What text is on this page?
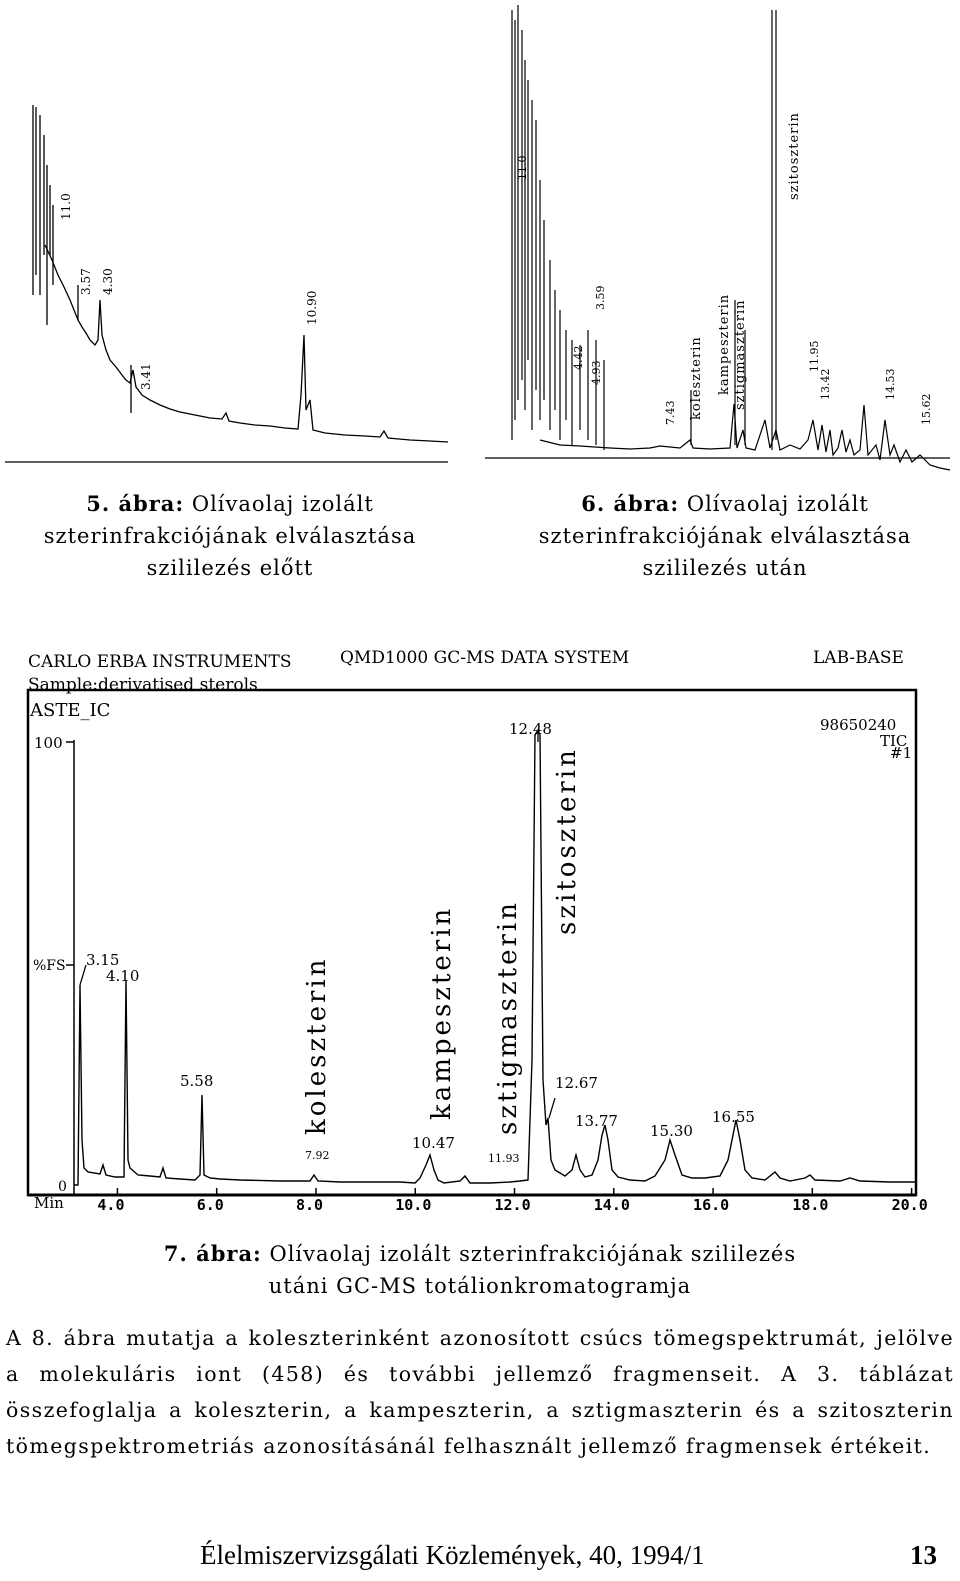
11.0
3.57 4.30
3.41
10.90
5. ábra: Olívaolaj izolált
szterinfrakciójának elválasztása
szililezés előtt
11.0
3.59
4.42
4.93
7.43
11.95
13.42	14.53
15.62
koleszterin kampeszterin sztigmaszterin
szitoszterin
6. ábra: Olívaolaj izolált
szterinfrakciójának elválasztása
szililezés után
CARLO ERBA INSTRUMENTS	QMD1000 GC-MS DATA SYSTEM	LAB-BASE
Sample:derivatised sterols
ASTE_IC
98650240
TIC
#1
100
%FS
0
Min 4.0	6.0	8.0	10.0	12.0	14.0	16.0	18.0	20.0
3.15
4.10
5.58
10.47
12.48
12.67
13.77
15.30
16.55
7.92	11.93
koleszterin	kampeszterin sztigmaszterin
szitoszterin
7. ábra: Olívaolaj izolált szterinfrakciójának szililezés
utáni GC-MS totálionkromatogramja
A 8. ábra mutatja a koleszterinként azonosított csúcs tömegspektrumát, jelölve a molekuláris iont (458) és további jellemző fragmenseit. A 3. táblázat összefoglalja a koleszterin, a kampeszterin, a sztigmaszterin és a szitoszterin tömegspektrometriás azonosításánál felhasznált jellemző fragmensek értékeit.
Élelmiszervizsgálati Közlemények, 40, 1994/1	13
